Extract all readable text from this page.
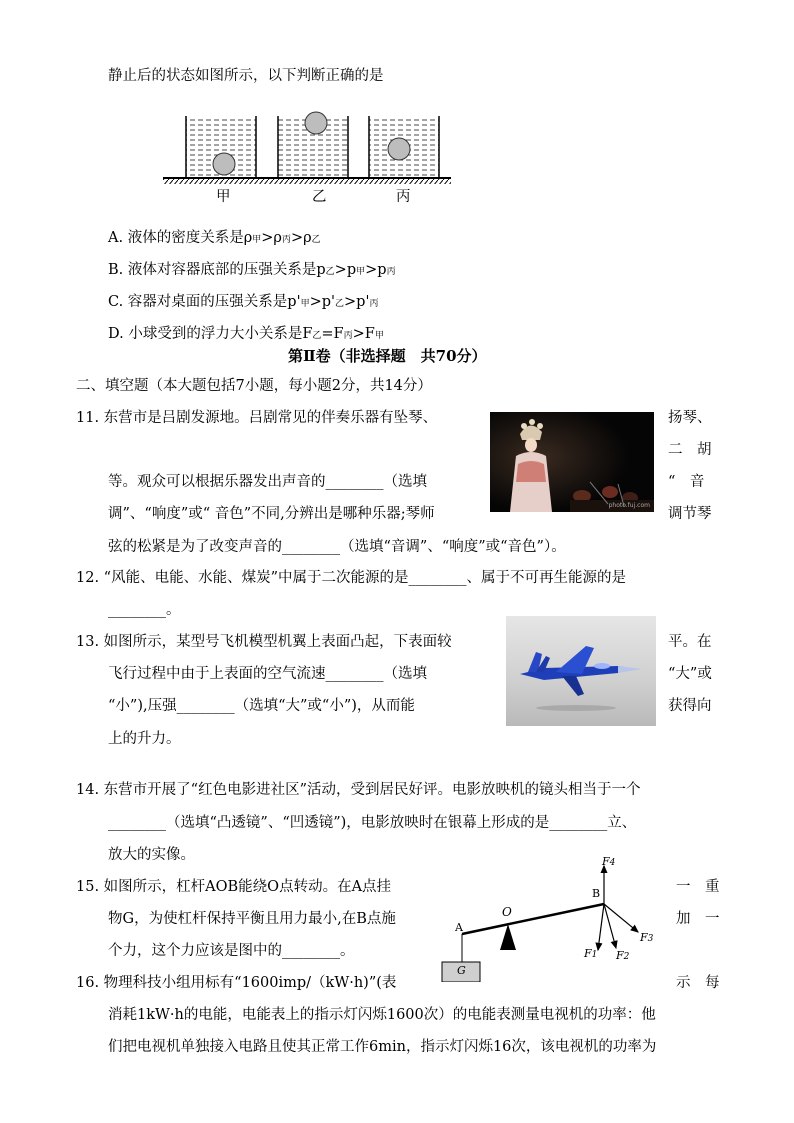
静止后的状态如图所示，以下判断正确的是
甲	乙	丙
A. 液体的密度关系是ρ甲>ρ丙>ρ乙
B. 液体对容器底部的压强关系是p乙>p甲>p丙
C. 容器对桌面的压强关系是p'甲>p'乙>p'丙
D. 小球受到的浮力大小关系是F乙=F丙>F甲
第Ⅱ卷（非选择题　共70分）
二、填空题（本大题包括7小题，每小题2分，共14分）
11. 东营市是吕剧发源地。吕剧常见的伴奏乐器有坠琴、	扬琴、
二　胡
等。观众可以根据乐器发出声音的________（选填	“　音
调”、“响度”或“ 音色”不同,分辨出是哪种乐器;琴师	调节琴
弦的松紧是为了改变声音的________（选填“音调”、“响度”或“音色”）。
photo.fuj.com
12. “风能、电能、水能、煤炭”中属于二次能源的是________、属于不可再生能源的是
________。
13. 如图所示，某型号飞机模型机翼上表面凸起，下表面较	平。在
飞行过程中由于上表面的空气流速________（选填	“大”或
“小”),压强________（选填“大”或“小”)，从而能	获得向
上的升力。
14. 东营市开展了“红色电影进社区”活动，受到居民好评。电影放映机的镜头相当于一个
________（选填“凸透镜”、“凹透镜”)，电影放映时在银幕上形成的是________立、
放大的实像。
15. 如图所示，杠杆AOB能绕O点转动。在A点挂	一　重
物G，为使杠杆保持平衡且用力最小,在B点施	加　一
个力，这个力应该是图中的________。
A
O
B
G
F4
F1 F2
F3
16. 物理科技小组用标有“1600imp/（kW·h)”(表	示　每
消耗1kW·h的电能，电能表上的指示灯闪烁1600次）的电能表测量电视机的功率：他
们把电视机单独接入电路且使其正常工作6min，指示灯闪烁16次，该电视机的功率为
